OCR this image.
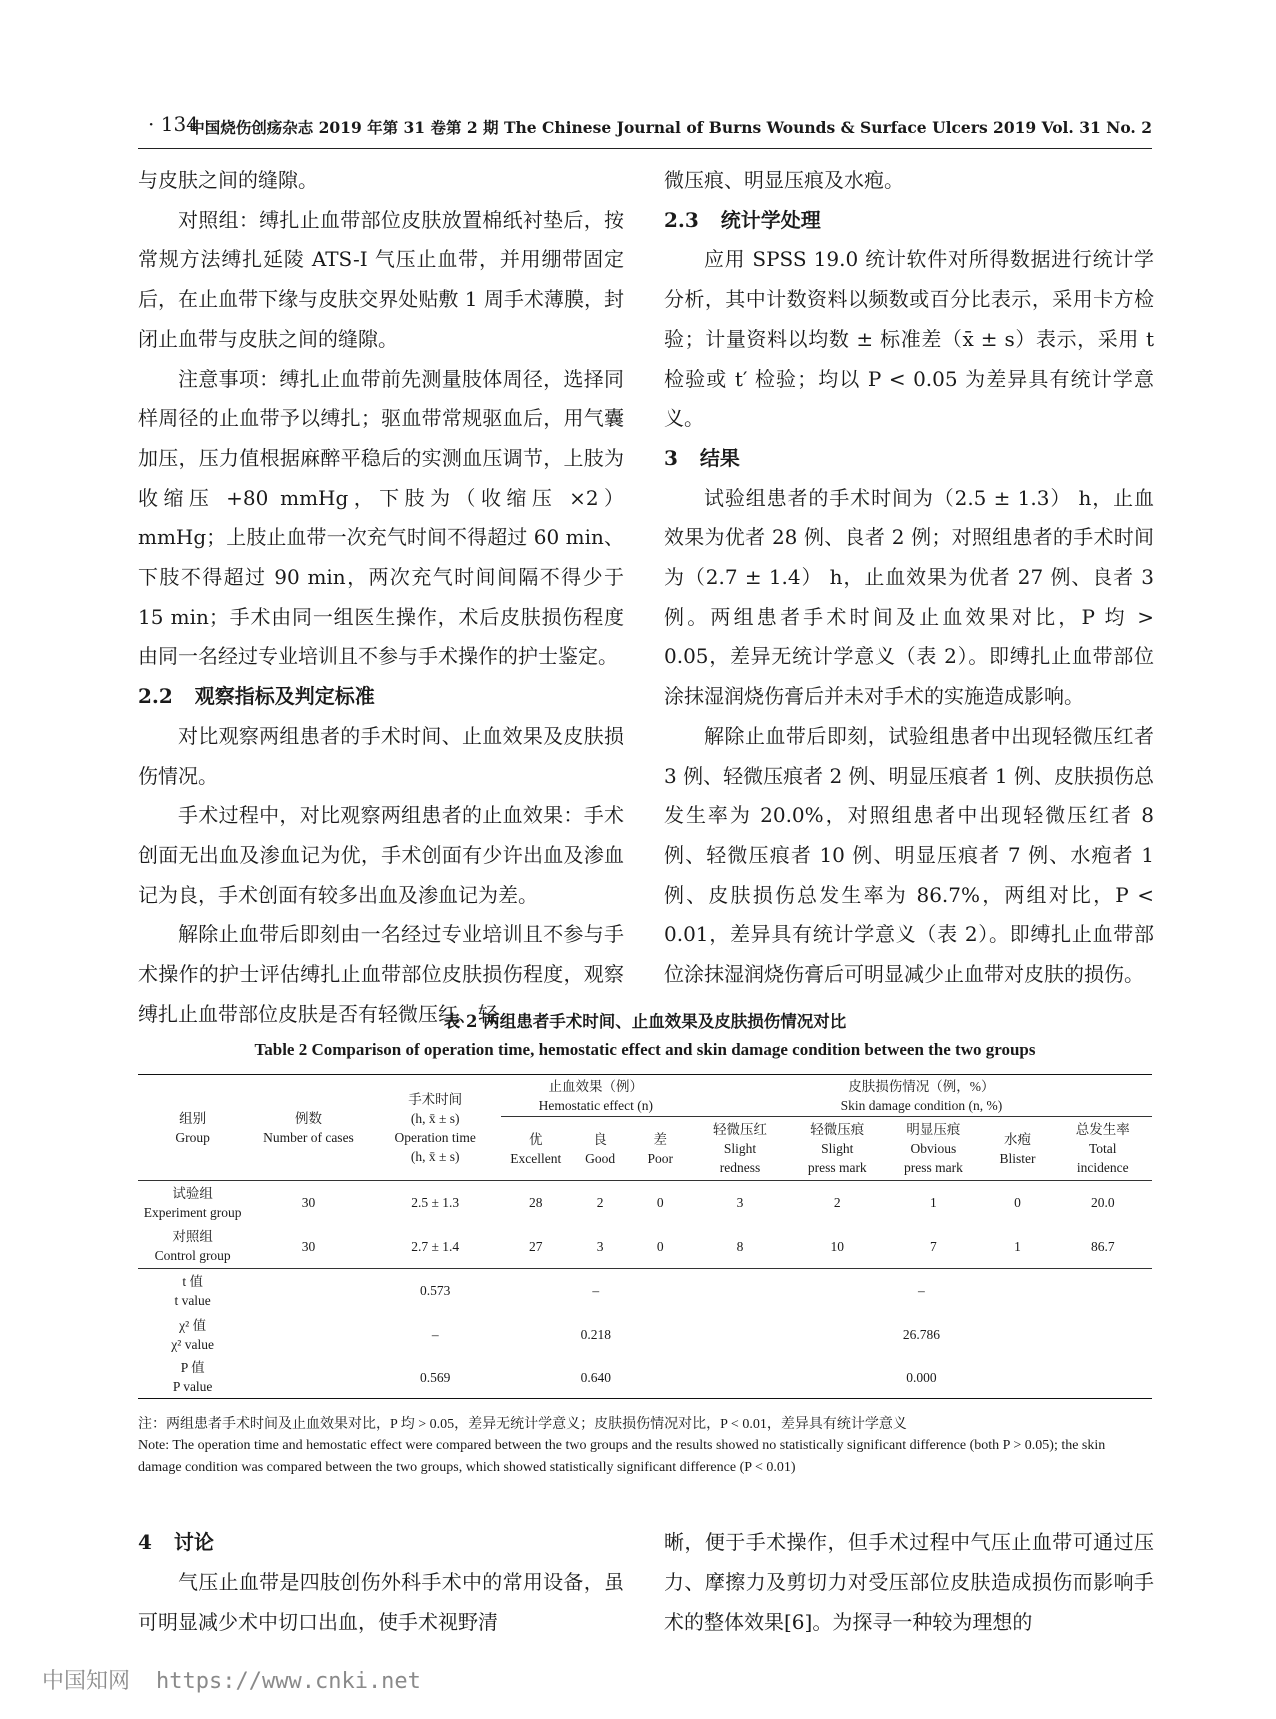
· 134 ·
中国烧伤创疡杂志 2019 年第 31 卷第 2 期 The Chinese Journal of Burns Wounds & Surface Ulcers 2019 Vol. 31 No. 2

与皮肤之间的缝隙。

对照组：缚扎止血带部位皮肤放置棉纸衬垫后，按常规方法缚扎延陵 ATS-I 气压止血带，并用绷带固定后，在止血带下缘与皮肤交界处贴敷 1 周手术薄膜，封闭止血带与皮肤之间的缝隙。

注意事项：缚扎止血带前先测量肢体周径，选择同样周径的止血带予以缚扎；驱血带常规驱血后，用气囊加压，压力值根据麻醉平稳后的实测血压调节，上肢为收缩压 +80 mmHg，下肢为（收缩压 ×2） mmHg；上肢止血带一次充气时间不得超过 60 min、下肢不得超过 90 min，两次充气时间间隔不得少于 15 min；手术由同一组医生操作，术后皮肤损伤程度由同一名经过专业培训且不参与手术操作的护士鉴定。

2.2 观察指标及判定标准

对比观察两组患者的手术时间、止血效果及皮肤损伤情况。

手术过程中，对比观察两组患者的止血效果：手术创面无出血及渗血记为优，手术创面有少许出血及渗血记为良，手术创面有较多出血及渗血记为差。

解除止血带后即刻由一名经过专业培训且不参与手术操作的护士评估缚扎止血带部位皮肤损伤程度，观察缚扎止血带部位皮肤是否有轻微压红、轻

微压痕、明显压痕及水疱。

2.3 统计学处理

应用 SPSS 19.0 统计软件对所得数据进行统计学分析，其中计数资料以频数或百分比表示，采用卡方检验；计量资料以均数 ± 标准差（x̄ ± s）表示，采用 t 检验或 t′ 检验；均以 P < 0.05 为差异具有统计学意义。

3 结果

试验组患者的手术时间为（2.5 ± 1.3） h，止血效果为优者 28 例、良者 2 例；对照组患者的手术时间为（2.7 ± 1.4） h，止血效果为优者 27 例、良者 3 例。两组患者手术时间及止血效果对比，P 均 > 0.05，差异无统计学意义（表 2）。即缚扎止血带部位涂抹湿润烧伤膏后并未对手术的实施造成影响。

解除止血带后即刻，试验组患者中出现轻微压红者 3 例、轻微压痕者 2 例、明显压痕者 1 例、皮肤损伤总发生率为 20.0%，对照组患者中出现轻微压红者 8 例、轻微压痕者 10 例、明显压痕者 7 例、水疱者 1 例、皮肤损伤总发生率为 86.7%，两组对比，P < 0.01，差异具有统计学意义（表 2）。即缚扎止血带部位涂抹湿润烧伤膏后可明显减少止血带对皮肤的损伤。

表 2 两组患者手术时间、止血效果及皮肤损伤情况对比
Table 2 Comparison of operation time, hemostatic effect and skin damage condition between the two groups
组别
Group	例数
Number of cases	手术时间
(h, x̄ ± s)
Operation time
(h, x̄ ± s)	止血效果（例）
Hemostatic effect (n)			皮肤损伤情况（例，%）
Skin damage condition (n, %)				
			优
Excellent	良
Good	差
Poor	轻微压红
Slight
redness	轻微压痕
Slight
press mark	明显压痕
Obvious
press mark	水疱
Blister	总发生率
Total
incidence
试验组
Experiment group	30	2.5 ± 1.3	28	2	0	3	2	1	0	20.0
对照组
Control group	30	2.7 ± 1.4	27	3	0	8	10	7	1	86.7
t 值
t value		0.573	–			–				
χ² 值
χ² value		–	0.218			26.786				
P 值
P value		0.569	0.640			0.000				
注：两组患者手术时间及止血效果对比，P 均 > 0.05，差异无统计学意义；皮肤损伤情况对比，P < 0.01，差异具有统计学意义
Note: The operation time and hemostatic effect were compared between the two groups and the results showed no statistically significant difference (both P > 0.05); the skin damage condition was compared between the two groups, which showed statistically significant difference (P < 0.01)
4 讨论

气压止血带是四肢创伤外科手术中的常用设备，虽可明显减少术中切口出血，使手术视野清

晰，便于手术操作，但手术过程中气压止血带可通过压力、摩擦力及剪切力对受压部位皮肤造成损伤而影响手术的整体效果[6]。为探寻一种较为理想的

中国知网 https://www.cnki.net
